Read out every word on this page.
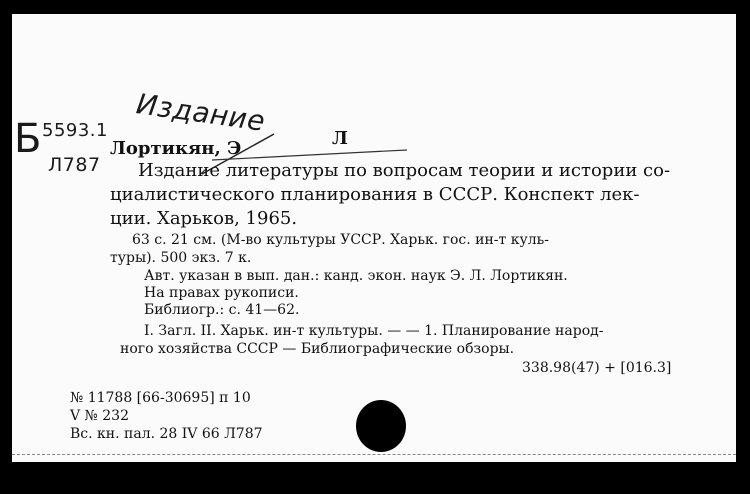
Б 5593.1
Л787
Издание
Лортикян, Э	Л
Издание литературы по вопросам теории и истории со-
циалистического планирования в СССР. Конспект лек-
ции. Харьков, 1965.
63 с. 21 см. (М-во культуры УССР. Харьк. гос. ин-т куль-
туры). 500 экз. 7 к.
Авт. указан в вып. дан.: канд. экон. наук Э. Л. Лортикян.
На правах рукописи.
Библиогр.: с. 41—62.
I. Загл. II. Харьк. ин-т культуры. — — 1. Планирование народ-
ного хозяйства СССР — Библиографические обзоры.
338.98(47) + [016.3]
№ 11788 [66-30695] п 10
V № 232
Вс. кн. пал. 28 IV 66 Л787
